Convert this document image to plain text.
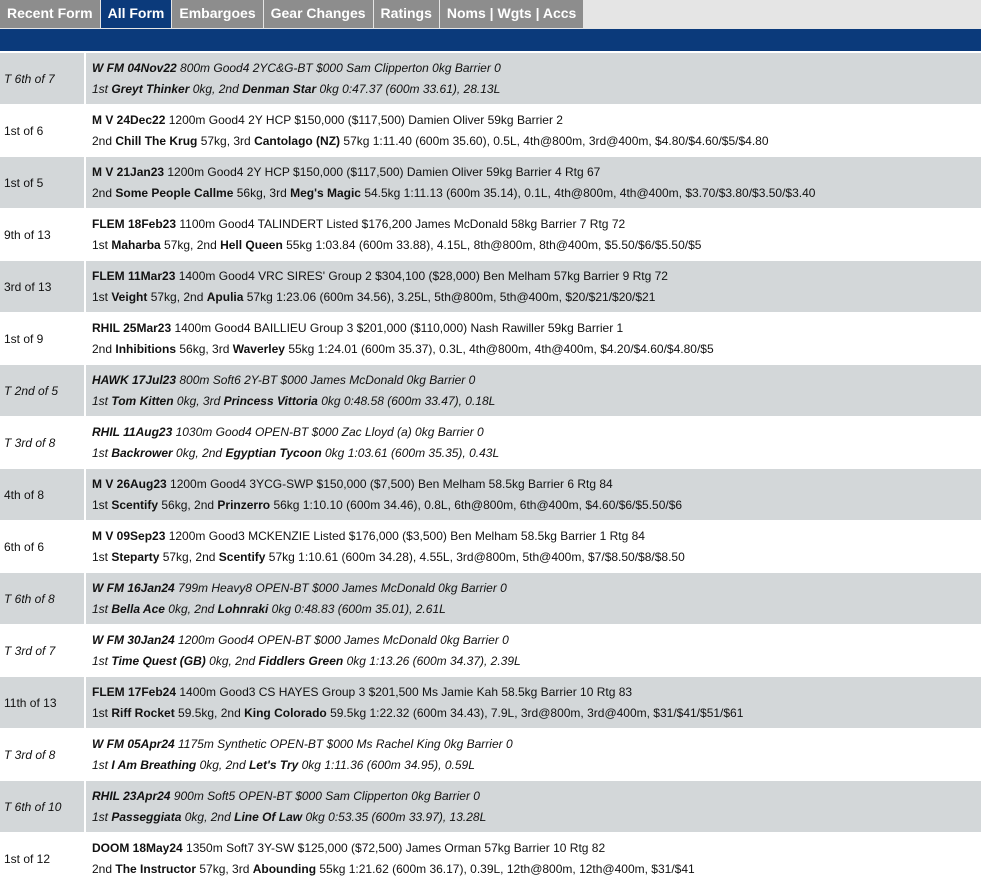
Recent Form	All Form	Embargoes	Gear Changes	Ratings	Noms | Wgts | Accs
T 6th of 7
W FM 04Nov22 800m Good4 2YC&G-BT $000 Sam Clipperton 0kg Barrier 0
1st Greyt Thinker 0kg, 2nd Denman Star 0kg 0:47.37 (600m 33.61), 28.13L
1st of 6
M V 24Dec22 1200m Good4 2Y HCP $150,000 ($117,500) Damien Oliver 59kg Barrier 2
2nd Chill The Krug 57kg, 3rd Cantolago (NZ) 57kg 1:11.40 (600m 35.60), 0.5L, 4th@800m, 3rd@400m, $4.80/$4.60/$5/$4.80
1st of 5
M V 21Jan23 1200m Good4 2Y HCP $150,000 ($117,500) Damien Oliver 59kg Barrier 4 Rtg 67
2nd Some People Callme 56kg, 3rd Meg's Magic 54.5kg 1:11.13 (600m 35.14), 0.1L, 4th@800m, 4th@400m, $3.70/$3.80/$3.50/$3.40
9th of 13
FLEM 18Feb23 1100m Good4 TALINDERT Listed $176,200 James McDonald 58kg Barrier 7 Rtg 72
1st Maharba 57kg, 2nd Hell Queen 55kg 1:03.84 (600m 33.88), 4.15L, 8th@800m, 8th@400m, $5.50/$6/$5.50/$5
3rd of 13
FLEM 11Mar23 1400m Good4 VRC SIRES' Group 2 $304,100 ($28,000) Ben Melham 57kg Barrier 9 Rtg 72
1st Veight 57kg, 2nd Apulia 57kg 1:23.06 (600m 34.56), 3.25L, 5th@800m, 5th@400m, $20/$21/$20/$21
1st of 9
RHIL 25Mar23 1400m Good4 BAILLIEU Group 3 $201,000 ($110,000) Nash Rawiller 59kg Barrier 1
2nd Inhibitions 56kg, 3rd Waverley 55kg 1:24.01 (600m 35.37), 0.3L, 4th@800m, 4th@400m, $4.20/$4.60/$4.80/$5
T 2nd of 5
HAWK 17Jul23 800m Soft6 2Y-BT $000 James McDonald 0kg Barrier 0
1st Tom Kitten 0kg, 3rd Princess Vittoria 0kg 0:48.58 (600m 33.47), 0.18L
T 3rd of 8
RHIL 11Aug23 1030m Good4 OPEN-BT $000 Zac Lloyd (a) 0kg Barrier 0
1st Backrower 0kg, 2nd Egyptian Tycoon 0kg 1:03.61 (600m 35.35), 0.43L
4th of 8
M V 26Aug23 1200m Good4 3YCG-SWP $150,000 ($7,500) Ben Melham 58.5kg Barrier 6 Rtg 84
1st Scentify 56kg, 2nd Prinzerro 56kg 1:10.10 (600m 34.46), 0.8L, 6th@800m, 6th@400m, $4.60/$6/$5.50/$6
6th of 6
M V 09Sep23 1200m Good3 MCKENZIE Listed $176,000 ($3,500) Ben Melham 58.5kg Barrier 1 Rtg 84
1st Steparty 57kg, 2nd Scentify 57kg 1:10.61 (600m 34.28), 4.55L, 3rd@800m, 5th@400m, $7/$8.50/$8/$8.50
T 6th of 8
W FM 16Jan24 799m Heavy8 OPEN-BT $000 James McDonald 0kg Barrier 0
1st Bella Ace 0kg, 2nd Lohnraki 0kg 0:48.83 (600m 35.01), 2.61L
T 3rd of 7
W FM 30Jan24 1200m Good4 OPEN-BT $000 James McDonald 0kg Barrier 0
1st Time Quest (GB) 0kg, 2nd Fiddlers Green 0kg 1:13.26 (600m 34.37), 2.39L
11th of 13
FLEM 17Feb24 1400m Good3 CS HAYES Group 3 $201,500 Ms Jamie Kah 58.5kg Barrier 10 Rtg 83
1st Riff Rocket 59.5kg, 2nd King Colorado 59.5kg 1:22.32 (600m 34.43), 7.9L, 3rd@800m, 3rd@400m, $31/$41/$51/$61
T 3rd of 8
W FM 05Apr24 1175m Synthetic OPEN-BT $000 Ms Rachel King 0kg Barrier 0
1st I Am Breathing 0kg, 2nd Let's Try 0kg 1:11.36 (600m 34.95), 0.59L
T 6th of 10
RHIL 23Apr24 900m Soft5 OPEN-BT $000 Sam Clipperton 0kg Barrier 0
1st Passeggiata 0kg, 2nd Line Of Law 0kg 0:53.35 (600m 33.97), 13.28L
1st of 12
DOOM 18May24 1350m Soft7 3Y-SW $125,000 ($72,500) James Orman 57kg Barrier 10 Rtg 82
2nd The Instructor 57kg, 3rd Abounding 55kg 1:21.62 (600m 36.17), 0.39L, 12th@800m, 12th@400m, $31/$41
